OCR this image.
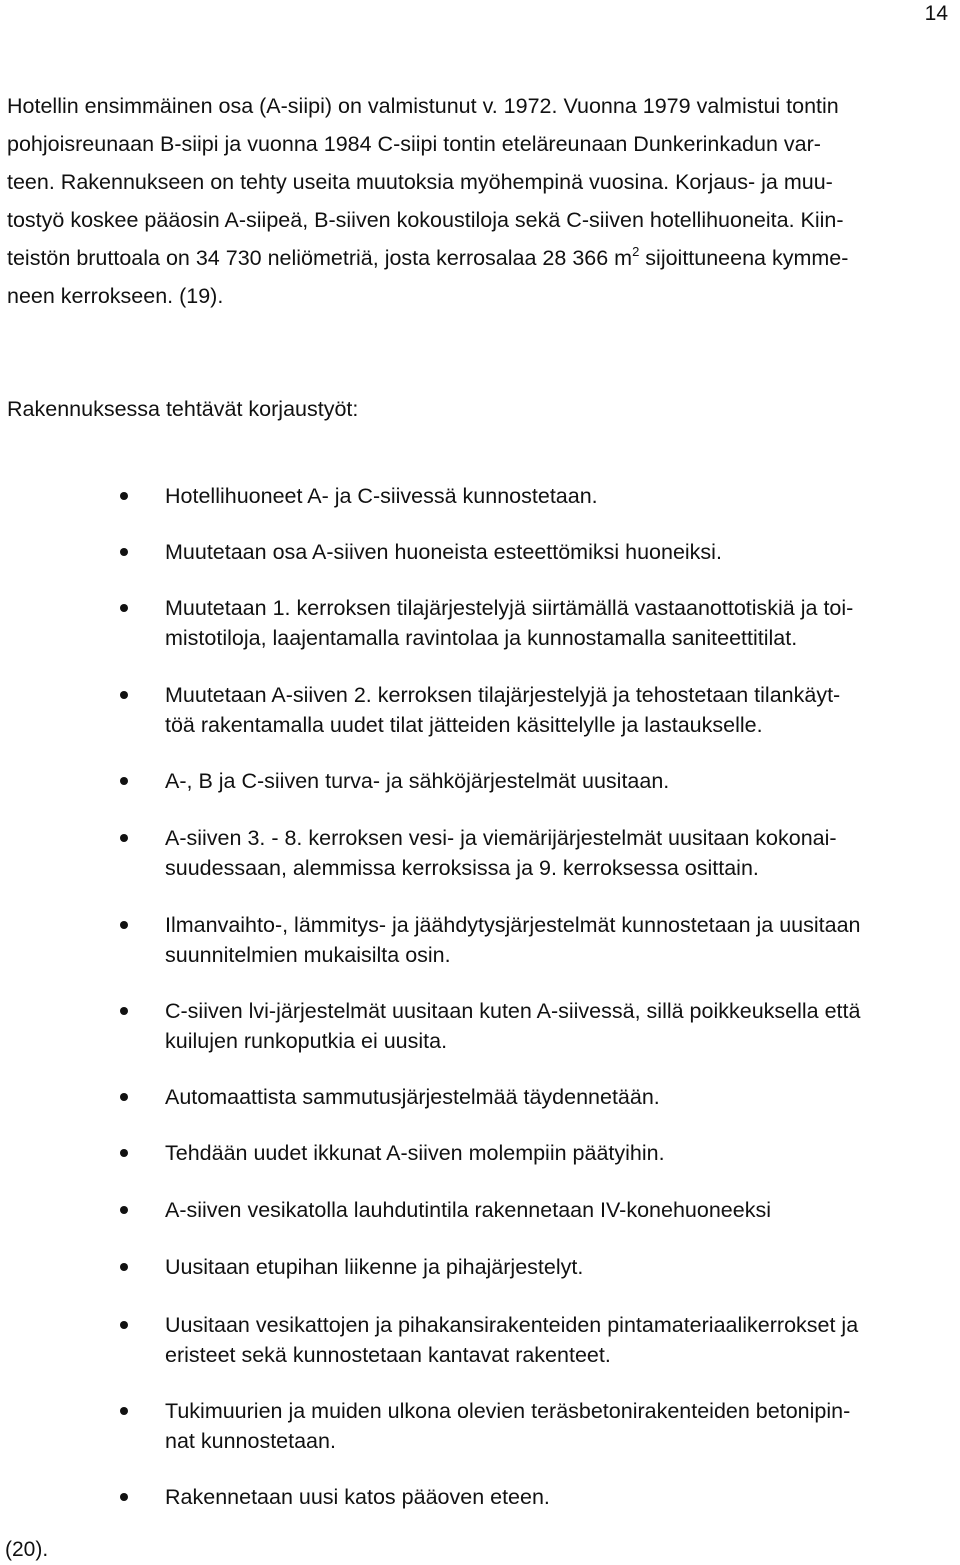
14

Hotellin ensimmäinen osa (A-siipi) on valmistunut v. 1972. Vuonna 1979 valmistui tontin
pohjoisreunaan B-siipi ja vuonna 1984 C-siipi tontin eteläreunaan Dunkerinkadun var-
teen. Rakennukseen on tehty useita muutoksia myöhempinä vuosina. Korjaus- ja muu-
tostyö koskee pääosin A-siipeä, B-siiven kokoustiloja sekä C-siiven hotellihuoneita. Kiin-
teistön bruttoala on 34 730 neliömetriä, josta kerrosalaa 28 366 $m^2$ sijoittuneena kymme-
neen kerrokseen. (19).

Rakennuksessa tehtävät korjaustyöt:
Hotellihuoneet A- ja C-siivessä kunnostetaan.
Muutetaan osa A-siiven huoneista esteettömiksi huoneiksi.
Muutetaan 1. kerroksen tilajärjestelyjä siirtämällä vastaanottotiskiä ja toi-
mistotiloja, laajentamalla ravintolaa ja kunnostamalla saniteettitilat.
Muutetaan A-siiven 2. kerroksen tilajärjestelyjä ja tehostetaan tilankäyt-
töä rakentamalla uudet tilat jätteiden käsittelylle ja lastaukselle.
A-, B ja C-siiven turva- ja sähköjärjestelmät uusitaan.
A-siiven 3. - 8. kerroksen vesi- ja viemärijärjestelmät uusitaan kokonai-
suudessaan, alemmissa kerroksissa ja 9. kerroksessa osittain.
Ilmanvaihto-, lämmitys- ja jäähdytysjärjestelmät kunnostetaan ja uusitaan
suunnitelmien mukaisilta osin.
C-siiven lvi-järjestelmät uusitaan kuten A-siivessä, sillä poikkeuksella että
kuilujen runkoputkia ei uusita.
Automaattista sammutusjärjestelmää täydennetään.
Tehdään uudet ikkunat A-siiven molempiin päätyihin.
A-siiven vesikatolla lauhdutintila rakennetaan IV-konehuoneeksi
Uusitaan etupihan liikenne ja pihajärjestelyt.
Uusitaan vesikattojen ja pihakansirakenteiden pintamateriaalikerrokset ja
eristeet sekä kunnostetaan kantavat rakenteet.
Tukimuurien ja muiden ulkona olevien teräsbetonirakenteiden betonipin-
nat kunnostetaan.
Rakennetaan uusi katos pääoven eteen.
(20).
